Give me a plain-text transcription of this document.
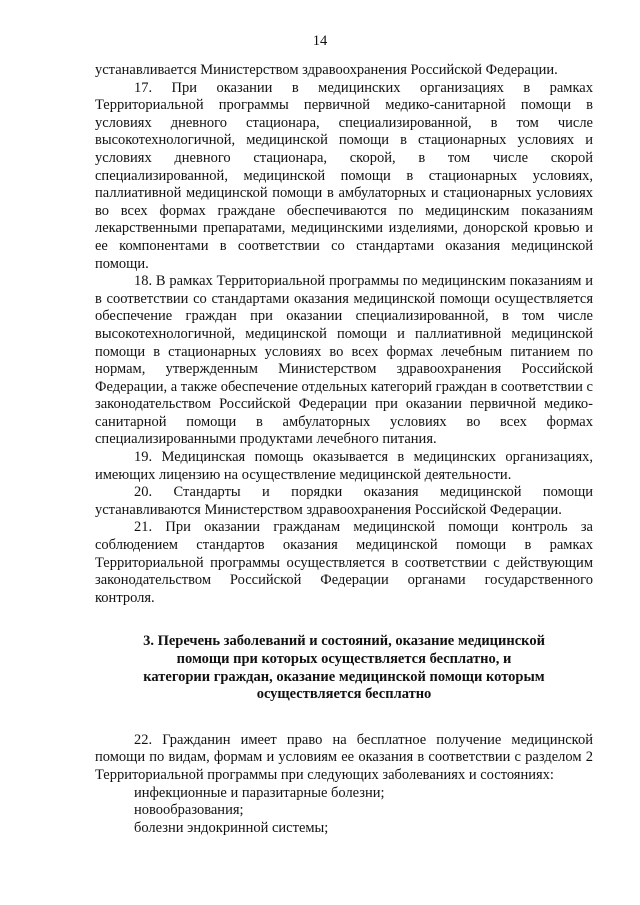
14

устанавливается Министерством здравоохранения Российской Федерации.

17. При оказании в медицинских организациях в рамках Территориальной программы первичной медико-санитарной помощи в условиях дневного стационара, специализированной, в том числе высокотехнологичной, медицинской помощи в стационарных условиях и условиях дневного стационара, скорой, в том числе скорой специализированной, медицинской помощи в стационарных условиях, паллиативной медицинской помощи в амбулаторных и стационарных условиях во всех формах граждане обеспечиваются по медицинским показаниям лекарственными препаратами, медицинскими изделиями, донорской кровью и ее компонентами в соответствии со стандартами оказания медицинской помощи.

18. В рамках Территориальной программы по медицинским показаниям и в соответствии со стандартами оказания медицинской помощи осуществляется обеспечение граждан при оказании специализированной, в том числе высокотехнологичной, медицинской помощи и паллиативной медицинской помощи в стационарных условиях во всех формах лечебным питанием по нормам, утвержденным Министерством здравоохранения Российской Федерации, а также обеспечение отдельных категорий граждан в соответствии с законодательством Российской Федерации при оказании первичной медико-санитарной помощи в амбулаторных условиях во всех формах специализированными продуктами лечебного питания.

19. Медицинская помощь оказывается в медицинских организациях, имеющих лицензию на осуществление медицинской деятельности.

20. Стандарты и порядки оказания медицинской помощи устанавливаются Министерством здравоохранения Российской Федерации.

21. При оказании гражданам медицинской помощи контроль за соблюдением стандартов оказания медицинской помощи в рамках Территориальной программы осуществляется в соответствии с действующим законодательством Российской Федерации органами государственного контроля.

3. Перечень заболеваний и состояний, оказание медицинской помощи при которых осуществляется бесплатно, и категории граждан, оказание медицинской помощи которым осуществляется бесплатно

22. Гражданин имеет право на бесплатное получение медицинской помощи по видам, формам и условиям ее оказания в соответствии с разделом 2 Территориальной программы при следующих заболеваниях и состояниях:

инфекционные и паразитарные болезни;

новообразования;

болезни эндокринной системы;
